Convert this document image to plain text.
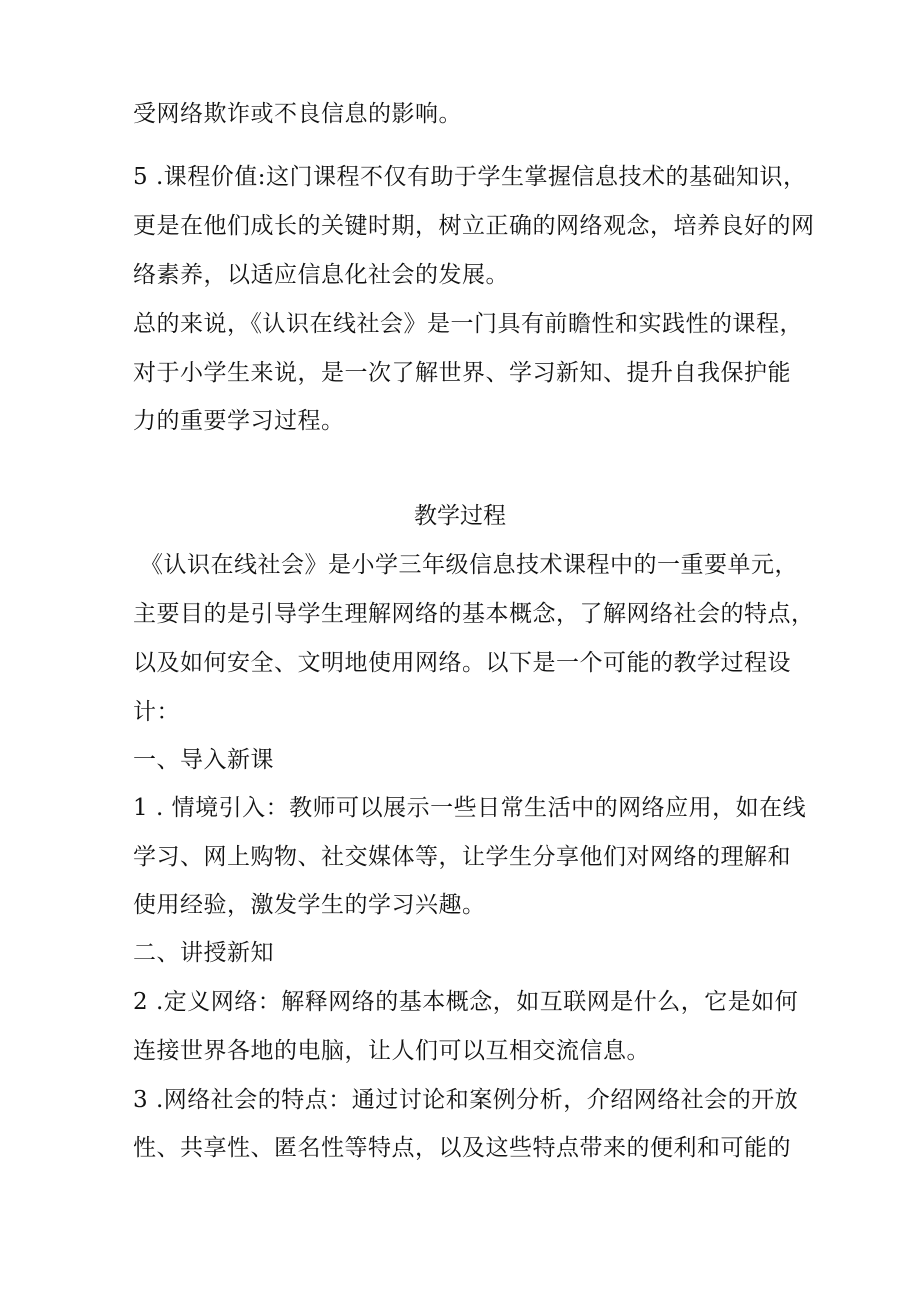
受网络欺诈或不良信息的影响。
5 .课程价值:这门课程不仅有助于学生掌握信息技术的基础知识，
更是在他们成长的关键时期，树立正确的网络观念，培养良好的网
络素养，以适应信息化社会的发展。
总的来说，《认识在线社会》是一门具有前瞻性和实践性的课程，
对于小学生来说，是一次了解世界、学习新知、提升自我保护能
力的重要学习过程。
教学过程
《认识在线社会》是小学三年级信息技术课程中的一重要单元，
主要目的是引导学生理解网络的基本概念，了解网络社会的特点，
以及如何安全、文明地使用网络。以下是一个可能的教学过程设
计：
一、导入新课
1 . 情境引入：教师可以展示一些日常生活中的网络应用，如在线
学习、网上购物、社交媒体等，让学生分享他们对网络的理解和
使用经验，激发学生的学习兴趣。
二、讲授新知
2 .定义网络：解释网络的基本概念，如互联网是什么，它是如何
连接世界各地的电脑，让人们可以互相交流信息。
3 .网络社会的特点：通过讨论和案例分析，介绍网络社会的开放
性、共享性、匿名性等特点，以及这些特点带来的便利和可能的
